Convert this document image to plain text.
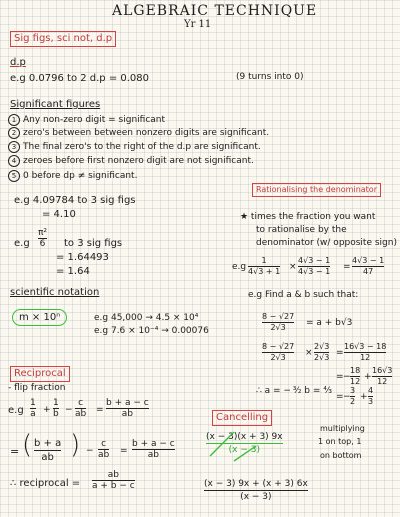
ALGEBRAIC TECHNIQUE
Yr 11
Sig figs, sci not, d.p
d.p
e.g 0.0796 to 2 d.p = 0.080	(9 turns into 0)
Significant figures
1 Any non-zero digit = significant
2 zero's between between nonzero digits are significant.
3 The final zero's to the right of the d.p are significant.
4 zeroes before first nonzero digit are not significant.
5 0 before dp ≠ significant.
e.g 4.09784 to 3 sig figs
= 4.10
$e.g \frac{\text{π²}}{6}$ to 3 sig figs
= 1.64493
= 1.64
scientific notation
m × 10ⁿ	e.g 45,000 → 4.5 × 10⁴
e.g 7.6 × 10⁻⁴ → 0.00076
Rationalising the denominator
★ times the fraction you want
to rationalise by the
denominator (w/ opposite sign)
$e.g \frac{1}{4√3 + 1} \times \frac{4√3 - 1}{4√3 - 1} = \frac{4√3 - 1}{47}$
e.g Find a & b such that:
$\frac{8 - √27}{2√3} = a + b√3$
$\frac{8 - √27}{2√3} \times \frac{2√3}{2√3} = \frac{16√3 - 18}{12}$
= − $\frac{18}{12} + \frac{16√3}{12}$
= − $\frac{3}{2} + \frac{4}{3}$
∴ a = − ³⁄₂ b = ⁴⁄₃
Reciprocal
- flip fraction
$e.g \frac{1}{a} + \frac{1}{b} - \frac{c}{ab} = \frac{b + a - c}{ab}$
= ( $\frac{b + a}{ab}$ ) − $\frac{c}{ab} = \frac{b + a - c}{ab}$
∴ reciprocal = $\frac{ab}{a + b - c}$
Cancelling
$\frac{(x - 3)(x + 3) 9x}{(x - 3)}$
multiplying
1 on top, 1
on bottom
$\frac{(x - 3) 9x + (x + 3) 6x}{(x - 3)}$
